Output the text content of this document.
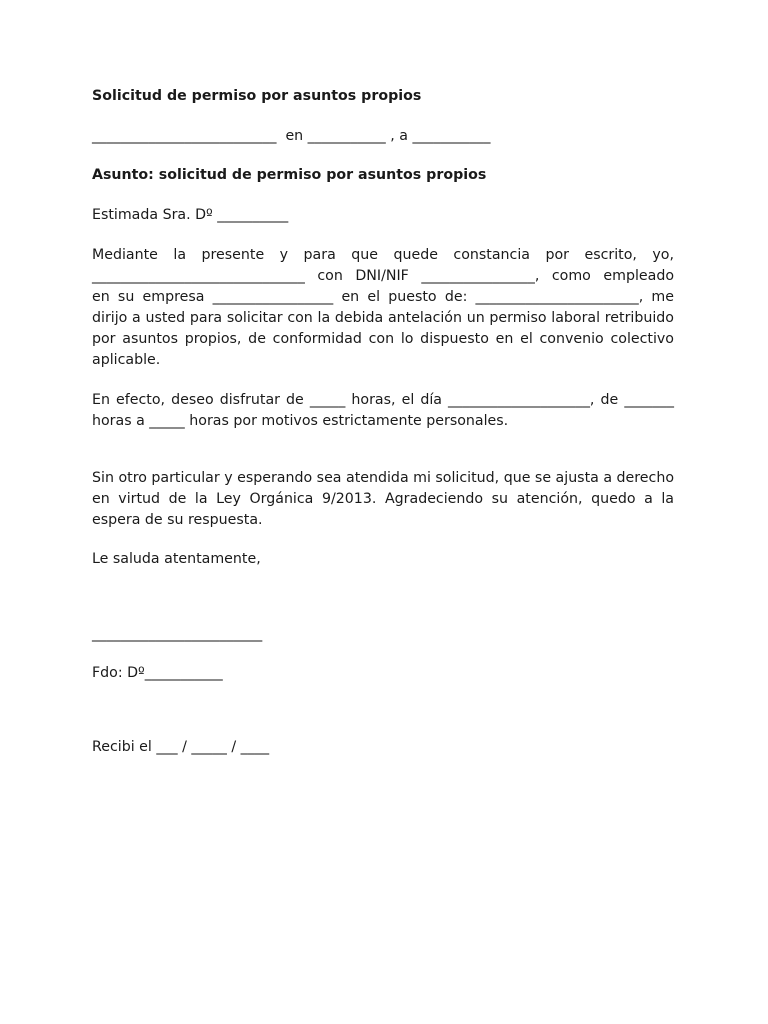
Solicitud de permiso por asuntos propios

__________________________  en ___________ , a ___________

Asunto: solicitud de permiso por asuntos propios

Estimada Sra. Dº __________

Mediante la presente y para que quede constancia por escrito, yo,
______________________________ con DNI/NIF ________________, como empleado
en su empresa _________________ en el puesto de: _______________________, me
dirijo a usted para solicitar con la debida antelación un permiso laboral retribuido por asuntos propios, de conformidad con lo dispuesto en el convenio colectivo aplicable.
En efecto, deseo disfrutar de _____ horas, el día ____________________, de _______
horas a _____ horas por motivos estrictamente personales.

Sin otro particular y esperando sea atendida mi solicitud, que se ajusta a derecho en virtud de la Ley Orgánica 9/2013. Agradeciendo su atención, quedo a la espera de su respuesta.

Le saluda atentamente,

________________________

Fdo: Dº___________

Recibi el ___ / _____ / ____
